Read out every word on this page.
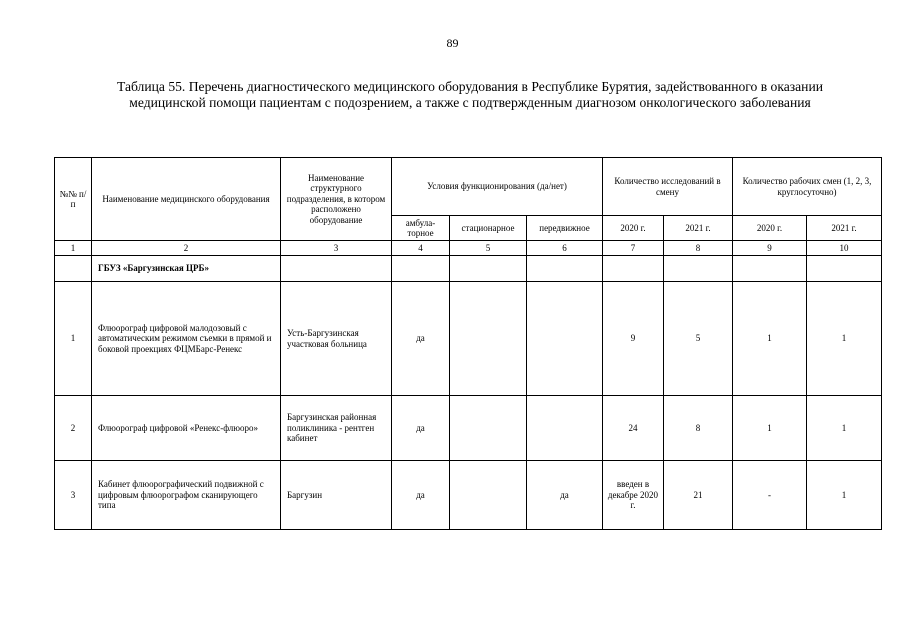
89
Таблица 55. Перечень диагностического медицинского оборудования в Республике Бурятия, задействованного в оказании медицинской помощи пациентам с подозрением, а также с подтвержденным диагнозом онкологического заболевания
№№ п/п	Наименование медицинского оборудования	Наименование структурного подразделения, в котором расположено оборудование	Условия функционирования (да/нет)			Количество исследований в смену		Количество рабочих смен (1, 2, 3, круглосуточно)	
			амбула-торное	стационарное	передвижное	2020 г.	2021 г.	2020 г.	2021 г.
1	2	3	4	5	6	7	8	9	10
	ГБУЗ «Баргузинская ЦРБ»								
1	Флюорограф цифровой малодозовый с автоматическим режимом съемки в прямой и боковой проекциях ФЦМБарс-Ренекс	Усть-Баргузинская участковая больница	да			9	5	1	1
2	Флюорограф цифровой «Ренекс-флюоро»	Баргузинская районная поликлиника - рентген кабинет	да			24	8	1	1
3	Кабинет флюорографический подвижной с цифровым флюорографом сканирующего типа	Баргузин	да		да	введен в декабре 2020 г.	21	-	1
